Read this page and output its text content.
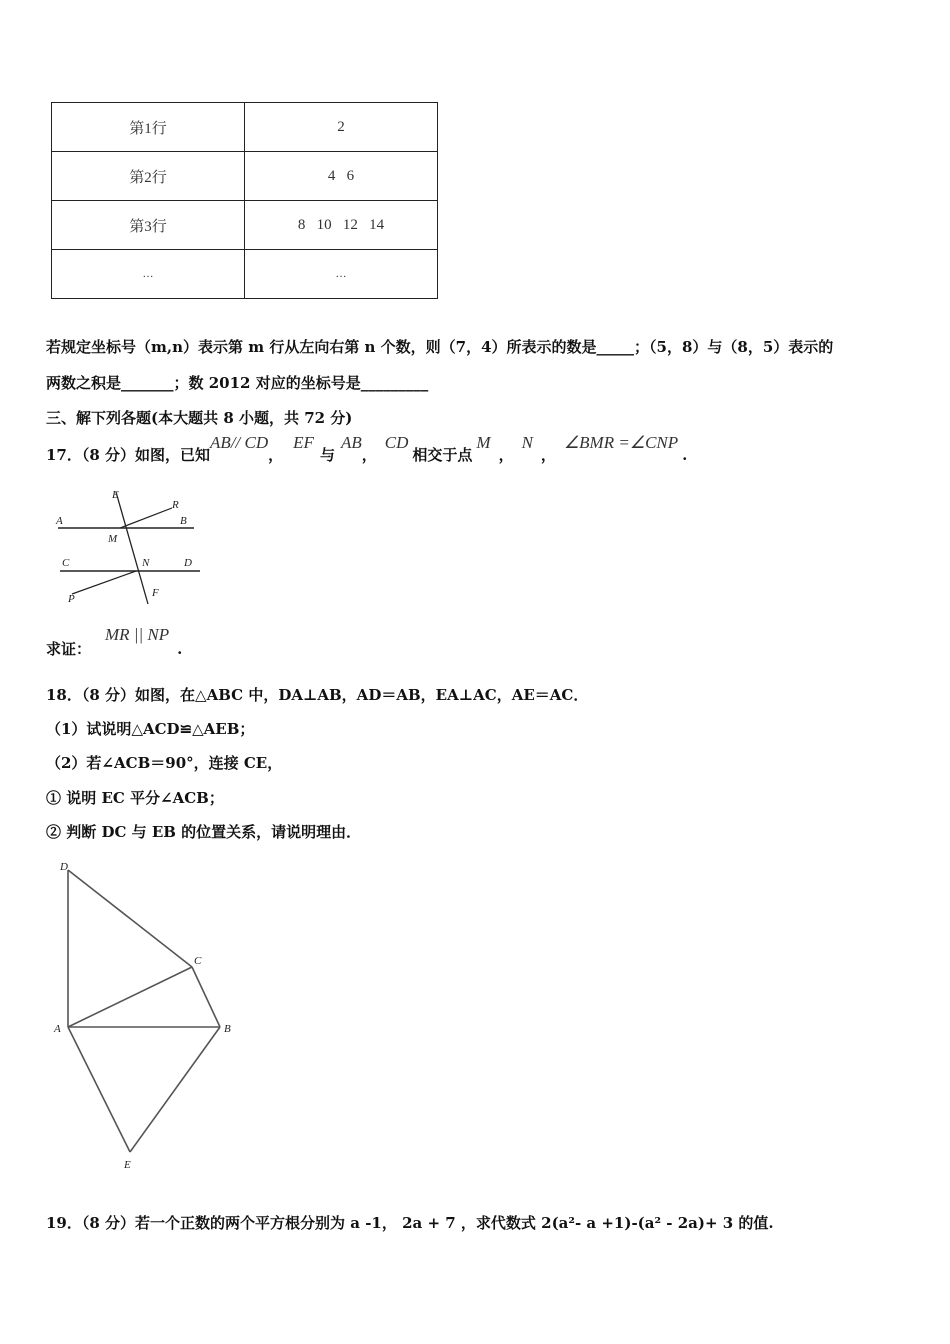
第1行	2
第2行	4   6
第3行	8   10   12   14
…	…
若规定坐标号（m,n）表示第 m 行从左向右第 n 个数，则（7，4）所表示的数是_____；（5，8）与（8，5）表示的
两数之积是_______；数 2012 对应的坐标号是_________
三、解下列各题(本大题共 8 小题，共 72 分)
17．（8 分）如图，已知AB// CD，EF与AB，CD相交于点M，N，∠BMR =∠CNP.
E
R
A	B
M
C	N	D
P	F
求证：MR || NP.
18．（8 分）如图，在△ABC 中，DA⊥AB，AD＝AB，EA⊥AC，AE＝AC．
（1）试说明△ACD≌△AEB；
（2）若∠ACB＝90°，连接 CE，
① 说明 EC 平分∠ACB；
② 判断 DC 与 EB 的位置关系，请说明理由．
D
C
A	B
E
19．（8 分）若一个正数的两个平方根分别为 a -1， 2a + 7 ，求代数式 2(a²- a +1)-(a² - 2a)+ 3 的值.
